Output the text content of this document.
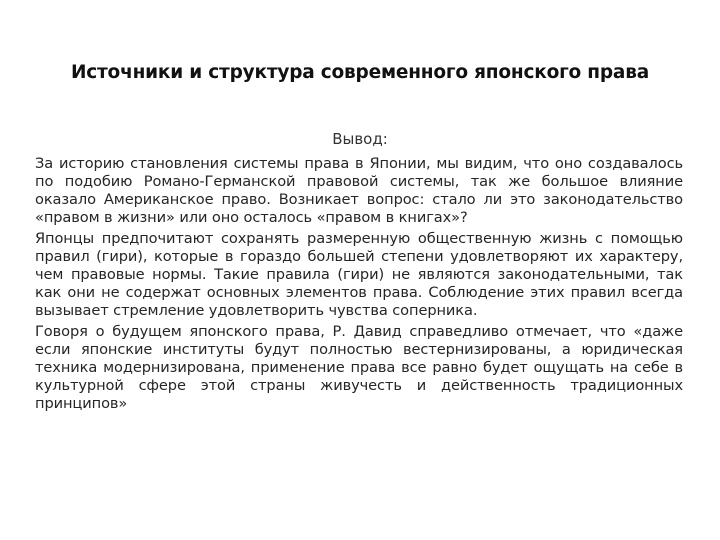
Источники и структура современного японского права
Вывод:

За историю становления системы права в Японии, мы видим, что оно создавалось по подобию Романо-Германской правовой системы, так же большое влияние оказало Американское право. Возникает вопрос: стало ли это законодательство «правом в жизни» или оно осталось «правом в книгах»?

Японцы предпочитают сохранять размеренную общественную жизнь с помощью правил (гири), которые в гораздо большей степени удовлетворяют их характеру, чем правовые нормы. Такие правила (гири) не являются законодательными, так как они не содержат основных элементов права. Соблюдение этих правил всегда вызывает стремление удовлетворить чувства соперника.

Говоря о будущем японского права, Р. Давид справедливо отмечает, что «даже если японские институты будут полностью вестернизированы, а юридическая техника модернизирована, применение права все равно будет ощущать на себе в культурной сфере этой страны живучесть и действенность традиционных принципов»
